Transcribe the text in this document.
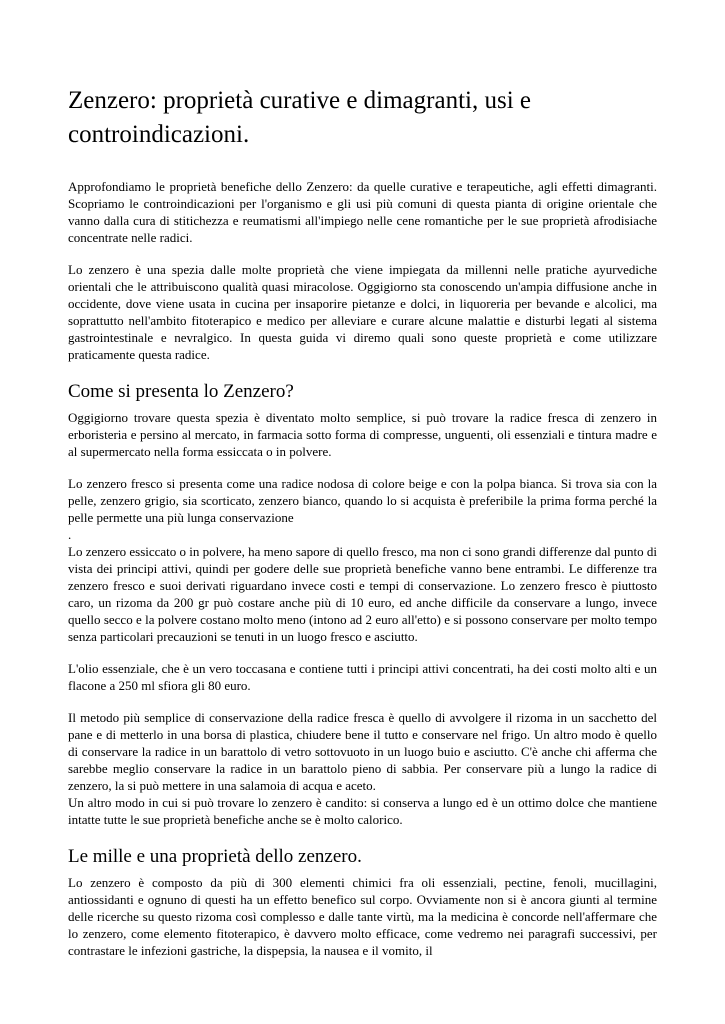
Zenzero: proprietà curative e dimagranti, usi e controindicazioni.

Approfondiamo le proprietà benefiche dello Zenzero: da quelle curative e terapeutiche, agli effetti dimagranti. Scopriamo le controindicazioni per l'organismo e gli usi più comuni di questa pianta di origine orientale che vanno dalla cura di stitichezza e reumatismi all'impiego nelle cene romantiche per le sue proprietà afrodisiache concentrate nelle radici.

Lo zenzero è una spezia dalle molte proprietà che viene impiegata da millenni nelle pratiche ayurvediche orientali che le attribuiscono qualità quasi miracolose. Oggigiorno sta conoscendo un'ampia diffusione anche in occidente, dove viene usata in cucina per insaporire pietanze e dolci, in liquoreria per bevande e alcolici, ma soprattutto nell'ambito fitoterapico e medico per alleviare e curare alcune malattie e disturbi legati al sistema gastrointestinale e nevralgico. In questa guida vi diremo quali sono queste proprietà e come utilizzare praticamente questa radice.

Come si presenta lo Zenzero?

Oggigiorno trovare questa spezia è diventato molto semplice, si può trovare la radice fresca di zenzero in erboristeria e persino al mercato, in farmacia sotto forma di compresse, unguenti, oli essenziali e tintura madre e al supermercato nella forma essiccata o in polvere.

Lo zenzero fresco si presenta come una radice nodosa di colore beige e con la polpa bianca. Si trova sia con la pelle, zenzero grigio, sia scorticato, zenzero bianco, quando lo si acquista è preferibile la prima forma perché la pelle permette una più lunga conservazione

.

Lo zenzero essiccato o in polvere, ha meno sapore di quello fresco, ma non ci sono grandi differenze dal punto di vista dei principi attivi, quindi per godere delle sue proprietà benefiche vanno bene entrambi. Le differenze tra zenzero fresco e suoi derivati riguardano invece costi e tempi di conservazione. Lo zenzero fresco è piuttosto caro, un rizoma da 200 gr può costare anche più di 10 euro, ed anche difficile da conservare a lungo, invece quello secco e la polvere costano molto meno (intono ad 2 euro all'etto) e si possono conservare per molto tempo senza particolari precauzioni se tenuti in un luogo fresco e asciutto.

L'olio essenziale, che è un vero toccasana e contiene tutti i principi attivi concentrati, ha dei costi molto alti e un flacone a 250 ml sfiora gli 80 euro.

Il metodo più semplice di conservazione della radice fresca è quello di avvolgere il rizoma in un sacchetto del pane e di metterlo in una borsa di plastica, chiudere bene il tutto e conservare nel frigo. Un altro modo è quello di conservare la radice in un barattolo di vetro sottovuoto in un luogo buio e asciutto. C'è anche chi afferma che sarebbe meglio conservare la radice in un barattolo pieno di sabbia. Per conservare più a lungo la radice di zenzero, la si può mettere in una salamoia di acqua e aceto.

Un altro modo in cui si può trovare lo zenzero è candito: si conserva a lungo ed è un ottimo dolce che mantiene intatte tutte le sue proprietà benefiche anche se è molto calorico.

Le mille e una proprietà dello zenzero.

Lo zenzero è composto da più di 300 elementi chimici fra oli essenziali, pectine, fenoli, mucillagini, antiossidanti e ognuno di questi ha un effetto benefico sul corpo. Ovviamente non si è ancora giunti al termine delle ricerche su questo rizoma così complesso e dalle tante virtù, ma la medicina è concorde nell'affermare che lo zenzero, come elemento fitoterapico, è davvero molto efficace, come vedremo nei paragrafi successivi, per contrastare le infezioni gastriche, la dispepsia, la nausea e il vomito, il
